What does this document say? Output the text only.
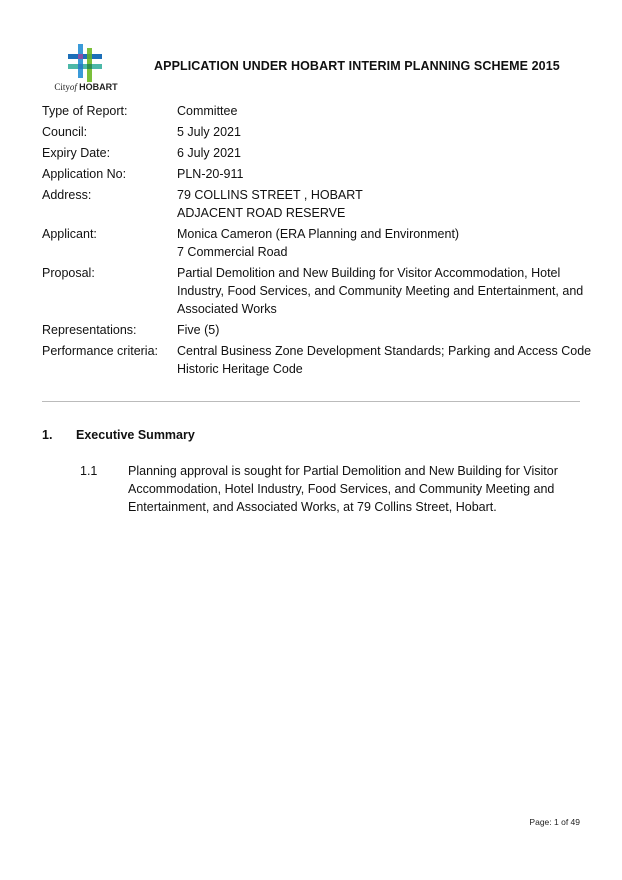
Cityof HOBART
APPLICATION UNDER HOBART INTERIM PLANNING SCHEME 2015
Type of Report:	Committee
Council:	5 July 2021
Expiry Date:	6 July 2021
Application No:	PLN-20-911
Address:	79 COLLINS STREET , HOBART
ADJACENT ROAD RESERVE
Applicant:	Monica Cameron (ERA Planning and Environment)
7 Commercial Road
Proposal:	Partial Demolition and New Building for Visitor Accommodation, Hotel
Industry, Food Services, and Community Meeting and Entertainment, and
Associated Works
Representations:	Five (5)
Performance criteria:	Central Business Zone Development Standards; Parking and Access Code
Historic Heritage Code
1. Executive Summary
1.1	Planning approval is sought for Partial Demolition and New Building for Visitor
Accommodation, Hotel Industry, Food Services, and Community Meeting and
Entertainment, and Associated Works, at 79 Collins Street, Hobart.
Page: 1 of 49
